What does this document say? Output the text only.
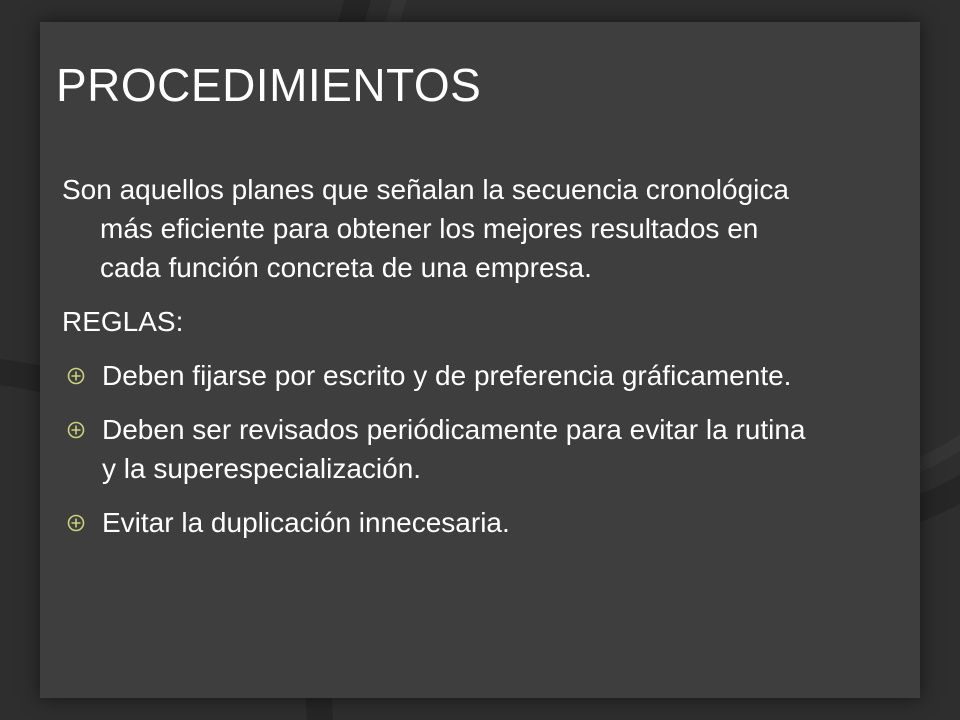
PROCEDIMIENTOS

Son aquellos planes que señalan la secuencia cronológica más eficiente para obtener los mejores resultados en cada función concreta de una empresa.

REGLAS:

Deben fijarse por escrito y de preferencia gráficamente.
Deben ser revisados periódicamente para evitar la rutina y la superespecialización.
Evitar la duplicación innecesaria.
